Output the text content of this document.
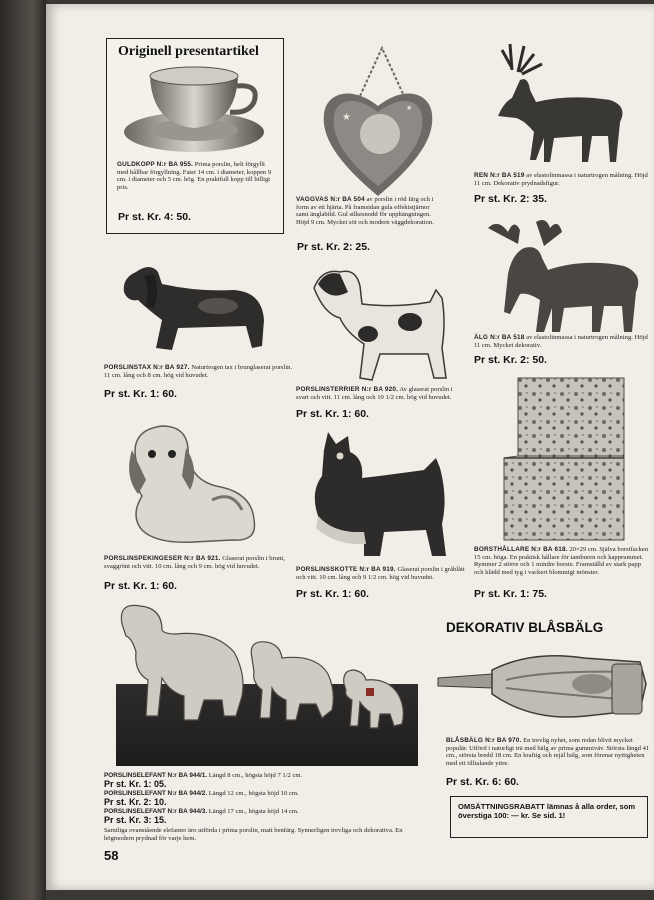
Originell presentartikel
GULDKOPP N:r BA 955. Prima porslin, helt förgyllt med hållbar förgyllning. Fatet 14 cm. i diameter, koppen 9 cm. i diameter och 5 cm. hög. En praktfull kopp till billigt pris.
Pr st. Kr. 4: 50.
★
★
VAGGVAS N:r BA 504 av porslin i röd färg och i form av ett hjärta. På framsidan gula effektstjärnor samt änglabild. Gul silkesnodd för upphängningen. Höjd 9 cm. Mycket söt och modern väggdekoration.
Pr st. Kr. 2: 25.
REN N:r BA 519 av elastolinmassa i naturtrogen målning. Höjd 11 cm. Dekorativ prydnadsfigur.
Pr st. Kr. 2: 35.
ÄLG N:r BA 518 av elastolinmassa i naturtrogen målning. Höjd 11 cm. Mycket dekorativ.
Pr st. Kr. 2: 50.
PORSLINSTAX N:r BA 927. Naturtrogen tax i brunglaserat porslin. 11 cm. lång och 8 cm. hög vid huvudet.
Pr st. Kr. 1: 60.	PORSLINSTERRIER N:r BA 920. Av glaserat porslin i svart och vitt. 11 cm. lång och 10 1/2 cm. hög vid huvudet.
Pr st. Kr. 1: 60.
PORSLINSPEKINGESER N:r BA 921. Glaserat porslin i brunt, svaggrönt och vitt. 10 cm. lång och 9 cm. hög vid huvudet.
Pr st. Kr. 1: 60.
PORSLINSSKOTTE N:r BA 919. Glaserat porslin i gråblått och vitt. 10 cm. lång och 9 1/2 cm. hög vid huvudet.
Pr st. Kr. 1: 60.
BORSTHÅLLARE N:r BA 618. 20×29 cm. Själva borstfacken 15 cm. höga. En praktisk hållare för tamburen och kapprummet. Rymmer 2 större och 1 mindre borste. Framställd av stark papp och klädd med tyg i vackert blommigt mönster.
Pr st. Kr. 1: 75.
DEKORATIV BLÅSBÄLG
BLÅSBÄLG N:r BA 970. En trevlig nyhet, som redan blivit mycket populär. Utförd i naturligt trä med bälg av prima gummiväv. Största längd 41 cm., största bredd 18 cm. En kraftig och rejäl bälg, som förenar nyttigheten med ett tilltalande yttre.
Pr st. Kr. 6: 60.
OMSÄTTNINGSRABATT lämnas å alla order, som överstiga 100: — kr. Se sid. 1!
PORSLINSELEFANT N:r BA 944/1. Längd 8 cm., högsta höjd 7 1/2 cm.
Pr st. Kr. 1: 05.
PORSLINSELEFANT N:r BA 944/2. Längd 12 cm., högsta höjd 10 cm.
Pr st. Kr. 2: 10.
PORSLINSELEFANT N:r BA 944/3. Längd 17 cm., högsta höjd 14 cm.
Pr st. Kr. 3: 15.
Samtliga ovanstående elefanter äro utförda i prima porslin, matt benfärg. Synnerligen trevliga och dekorativa. En högmodern prydnad för varje hem.
58
